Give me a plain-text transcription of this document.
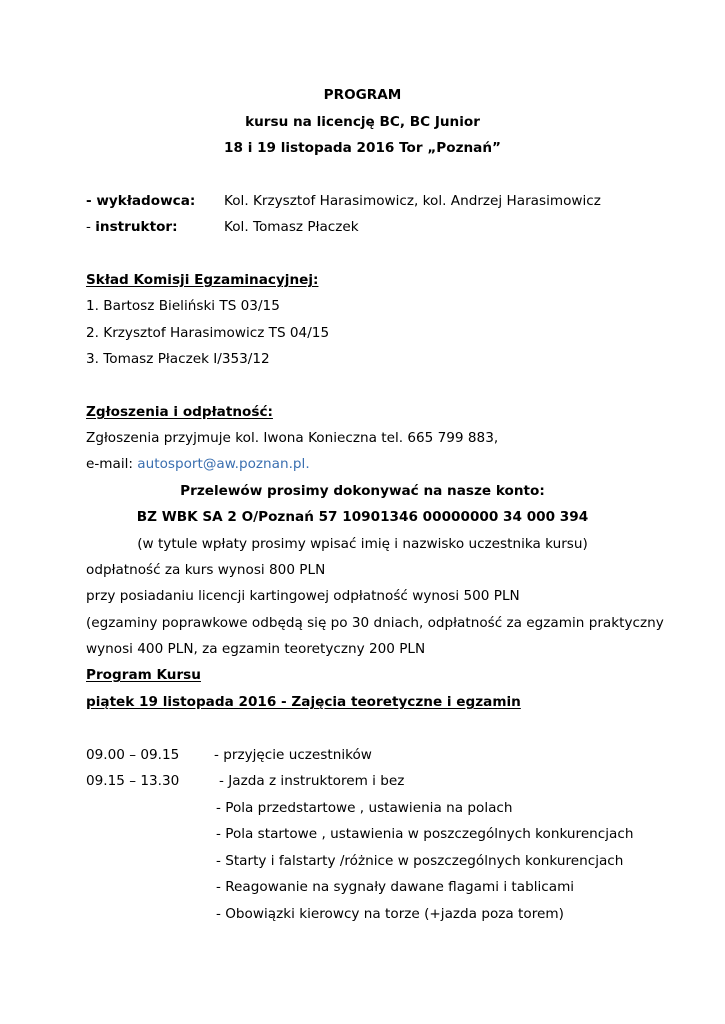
PROGRAM
kursu na licencję BC, BC Junior
18 i 19 listopada 2016 Tor „Poznań”
- wykładowca: Kol. Krzysztof Harasimowicz, kol. Andrzej Harasimowicz
- instruktor:	Kol. Tomasz Płaczek
Skład Komisji Egzaminacyjnej:
1. Bartosz Bieliński TS 03/15
2. Krzysztof Harasimowicz TS 04/15
3. Tomasz Płaczek I/353/12
Zgłoszenia i odpłatność:
Zgłoszenia przyjmuje kol. Iwona Konieczna tel. 665 799 883,
e-mail: autosport@aw.poznan.pl.
Przelewów prosimy dokonywać na nasze konto:
BZ WBK SA 2 O/Poznań 57 10901346 00000000 34 000 394
(w tytule wpłaty prosimy wpisać imię i nazwisko uczestnika kursu)
odpłatność za kurs wynosi 800 PLN
przy posiadaniu licencji kartingowej odpłatność wynosi 500 PLN
(egzaminy poprawkowe odbędą się po 30 dniach, odpłatność za egzamin praktyczny
wynosi 400 PLN, za egzamin teoretyczny 200 PLN
Program Kursu
piątek 19 listopada 2016 - Zajęcia teoretyczne i egzamin
09.00 – 09.15	- przyjęcie uczestników
09.15 – 13.30	- Jazda z instruktorem i bez
- Pola przedstartowe , ustawienia na polach
- Pola startowe , ustawienia w poszczególnych konkurencjach
- Starty i falstarty /różnice w poszczególnych konkurencjach
- Reagowanie na sygnały dawane flagami i tablicami
- Obowiązki kierowcy na torze (+jazda poza torem)
